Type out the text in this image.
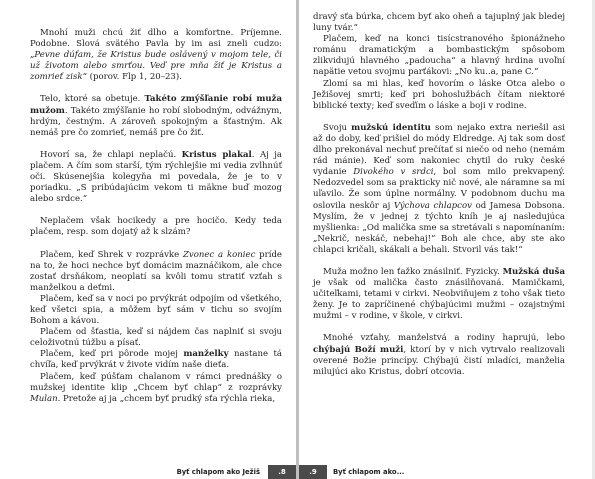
Mnohí muži chcú žiť dlho a komfortne. Príjemne. Podobne. Slová svätého Pavla by im asi zneli cudzo: „Pevne dúfam, že Kristus bude oslávený v mojom tele, či už životom alebo smrťou. Veď pre mňa žiť je Kristus a zomrieť zisk“ (porov. Flp 1, 20–23).

Telo, ktoré sa obetuje. Takéto zmýšľanie robí muža mužom. Takéto zmýšľanie ho robí slobodným, odvážnym, hrdým, čestným. A zároveň spokojným a šťastným. Ak nemáš pre čo zomrieť, nemáš pre čo žiť.

Hovorí sa, že chlapi neplačú. Kristus plakal. Aj ja plačem. A čím som starší, tým rýchlejšie mi vedia zvlhnúť oči. Skúsenejšia kolegyňa mi povedala, že je to v poriadku. „S pribúdajúcim vekom ti mäkne buď mozog alebo srdce.“

Neplačem však hocikedy a pre hocičo. Kedy teda plačem, resp. som dojatý až k slzám?

Plačem, keď Shrek v rozprávke Zvonec a koniec príde na to, že hoci nechce byť domácim maznáčikom, ale chce zostať drsňákom, neoplatí sa kvôli tomu stratiť vzťah s manželkou a deťmi.

Plačem, keď sa v noci po prvýkrát odpojím od všetkého, keď všetci spia, a môžem byť sám v tichu so svojím Bohom a kávou.

Plačem od šťastia, keď si nájdem čas naplniť si svoju celoživotnú túžbu a písať.

Plačem, keď pri pôrode mojej manželky nastane tá chvíľa, keď prvýkrát v živote vidím naše dieťa.

Plačem, keď púšťam chalanom v rámci prednášky o mužskej identite klip „Chcem byť chlap“ z rozprávky Mulan. Pretože aj ja „chcem byť prudký sťa rýchla rieka,

Byť chlapom ako Ježiš	.8

dravý sťa búrka, chcem byť ako oheň a tajuplný jak bledej luny tvár.“

Plačem, keď na konci tisícstranového špionážneho románu dramatickým a bombastickým spôsobom zlikvidujú hlavného „padoucha“ a hlavný hrdina uvoľní napätie vetou svojmu parťákovi: „No ku..a, pane C.“

Zlomí sa mi hlas, keď hovorím o láske Otca alebo o Ježišovej smrti; keď pri bohoslužbách čítam niektoré biblické texty; keď sveďím o láske a boji v rodine.

Svoju mužskú identitu som nejako extra neriešil asi až do doby, keď prišiel do módy Eldredge. Aj tak som dosť dlho prekonával nechuť prečítať si niečo od neho (nemám rád mánie). Keď som nakoniec chytil do ruky české vydanie Divokého v srdci, bol som milo prekvapený. Nedozvedel som sa prakticky nič nové, ale náramne sa mi uľavilo. Že som úplne normálny. V podobnom duchu ma oslovila neskôr aj Výchova chlapcov od Jamesa Dobsona. Myslím, že v jednej z týchto kníh je aj nasledujúca myšlienka: „Od malička sme sa stretávali s napomínaním: „Nekrič, neskáč, nebehaj!“ Boh ale chce, aby ste ako chlapci kričali, skákali a behali. Stvoril vás tak!“

Muža možno len ťažko znásilniť. Fyzicky. Mužská duša je však od malička často znásilňovaná. Mamičkami, učiteľkami, tetami v cirkvi. Neobviňujem z toho však tieto ženy. Je to zapríčinené chýbajúcimi mužmi – ozajstnými mužmi – v rodine, v škole, v cirkvi.

Mnohé vzťahy, manželstvá a rodiny haprujú, lebo chýbajú Boží muži, ktorí by v nich vytrvalo realizovali overené Božie princípy. Chýbajú čistí mladíci, manželia milujúci ako Kristus, dobrí otcovia.

.9	Byť chlapom ako...
